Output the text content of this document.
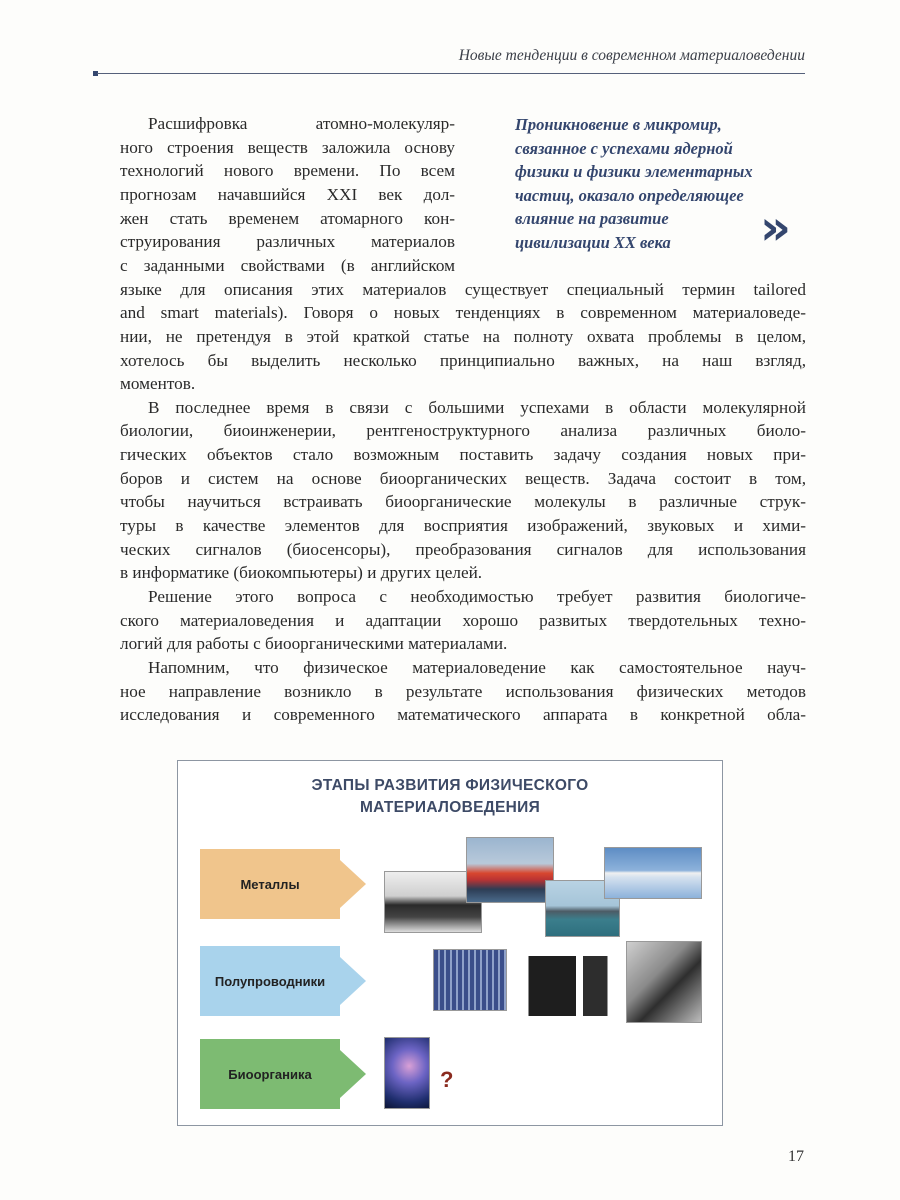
Новые тенденции в современном материаловедении
Проникновение в микромир,
связанное с успехами ядерной
физики и физики элементарных
частиц, оказало определяющее
влияние на развитие
цивилизации XX века	»
Расшифровка атомно-молекуляр-
ного строения веществ заложила основу
технологий нового времени. По всем
прогнозам начавшийся XXI век дол-
жен стать временем атомарного кон-
струирования различных материалов
с заданными свойствами (в английском
языке для описания этих материалов существует специальный термин tailored
and smart materials). Говоря о новых тенденциях в современном материаловеде-
нии, не претендуя в этой краткой статье на полноту охвата проблемы в целом,
хотелось бы выделить несколько принципиально важных, на наш взгляд,
моментов.
В последнее время в связи с большими успехами в области молекулярной
биологии, биоинженерии, рентгеноструктурного анализа различных биоло-
гических объектов стало возможным поставить задачу создания новых при-
боров и систем на основе биоорганических веществ. Задача состоит в том,
чтобы научиться встраивать биоорганические молекулы в различные струк-
туры в качестве элементов для восприятия изображений, звуковых и хими-
ческих сигналов (биосенсоры), преобразования сигналов для использования
в информатике (биокомпьютеры) и других целей.
Решение этого вопроса с необходимостью требует развития биологиче-
ского материаловедения и адаптации хорошо развитых твердотельных техно-
логий для работы с биоорганическими материалами.
Напомним, что физическое материаловедение как самостоятельное науч-
ное направление возникло в результате использования физических методов
исследования и современного математического аппарата в конкретной обла-
ЭТАПЫ РАЗВИТИЯ ФИЗИЧЕСКОГО
МАТЕРИАЛОВЕДЕНИЯ
Металлы
Полупроводники
Биоорганика	?
17
